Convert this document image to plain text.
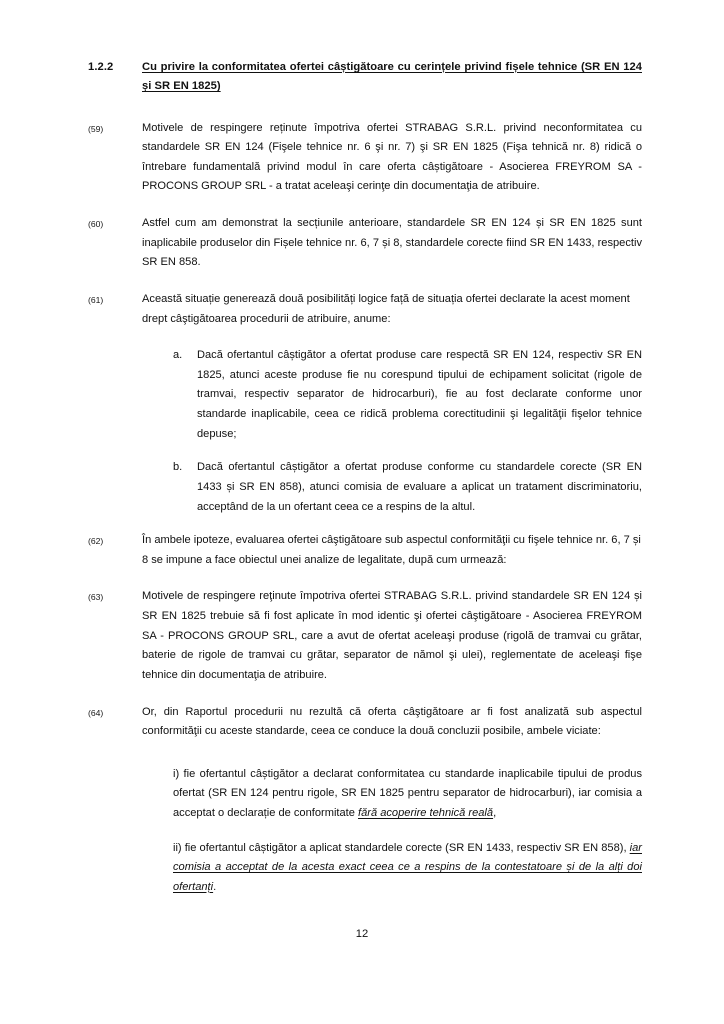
1.2.2	Cu privire la conformitatea ofertei câștigătoare cu cerințele privind fișele tehnice (SR EN 124 și SR EN 1825)
(59)	Motivele de respingere reținute împotriva ofertei STRABAG S.R.L. privind neconformitatea cu standardele SR EN 124 (Fişele tehnice nr. 6 şi nr. 7) şi SR EN 1825 (Fişa tehnică nr. 8) ridică o întrebare fundamentală privind modul în care oferta câștigătoare - Asocierea FREYROM SA - PROCONS GROUP SRL - a tratat aceleaşi cerinţe din documentaţia de atribuire.
(60)	Astfel cum am demonstrat la secțiunile anterioare, standardele SR EN 124 și SR EN 1825 sunt inaplicabile produselor din Fișele tehnice nr. 6, 7 și 8, standardele corecte fiind SR EN 1433, respectiv SR EN 858.
(61)	Această situație generează două posibilități logice față de situația ofertei declarate la acest moment drept câştigătoarea procedurii de atribuire, anume:
a.	Dacă ofertantul câștigător a ofertat produse care respectă SR EN 124, respectiv SR EN 1825, atunci aceste produse fie nu corespund tipului de echipament solicitat (rigole de tramvai, respectiv separator de hidrocarburi), fie au fost declarate conforme unor standarde inaplicabile, ceea ce ridică problema corectitudinii şi legalităţii fişelor tehnice depuse;
b.	Dacă ofertantul câștigător a ofertat produse conforme cu standardele corecte (SR EN 1433 și SR EN 858), atunci comisia de evaluare a aplicat un tratament discriminatoriu, acceptând de la un ofertant ceea ce a respins de la altul.
(62)	În ambele ipoteze, evaluarea ofertei câştigătoare sub aspectul conformităţii cu fişele tehnice nr. 6, 7 și 8 se impune a face obiectul unei analize de legalitate, după cum urmează:
(63)	Motivele de respingere reţinute împotriva ofertei STRABAG S.R.L. privind standardele SR EN 124 și SR EN 1825 trebuie să fi fost aplicate în mod identic şi ofertei câştigătoare - Asocierea FREYROM SA - PROCONS GROUP SRL, care a avut de ofertat aceleaşi produse (rigolă de tramvai cu grătar, baterie de rigole de tramvai cu grătar, separator de nămol şi ulei), reglementate de aceleaşi fişe tehnice din documentaţia de atribuire.
(64)	Or, din Raportul procedurii nu rezultă că oferta câştigătoare ar fi fost analizată sub aspectul conformităţii cu aceste standarde, ceea ce conduce la două concluzii posibile, ambele viciate:
i) fie ofertantul câștigător a declarat conformitatea cu standarde inaplicabile tipului de produs ofertat (SR EN 124 pentru rigole, SR EN 1825 pentru separator de hidrocarburi), iar comisia a acceptat o declarație de conformitate fără acoperire tehnică reală,
ii) fie ofertantul câștigător a aplicat standardele corecte (SR EN 1433, respectiv SR EN 858), iar comisia a acceptat de la acesta exact ceea ce a respins de la contestatoare și de la alți doi ofertanți.
12
